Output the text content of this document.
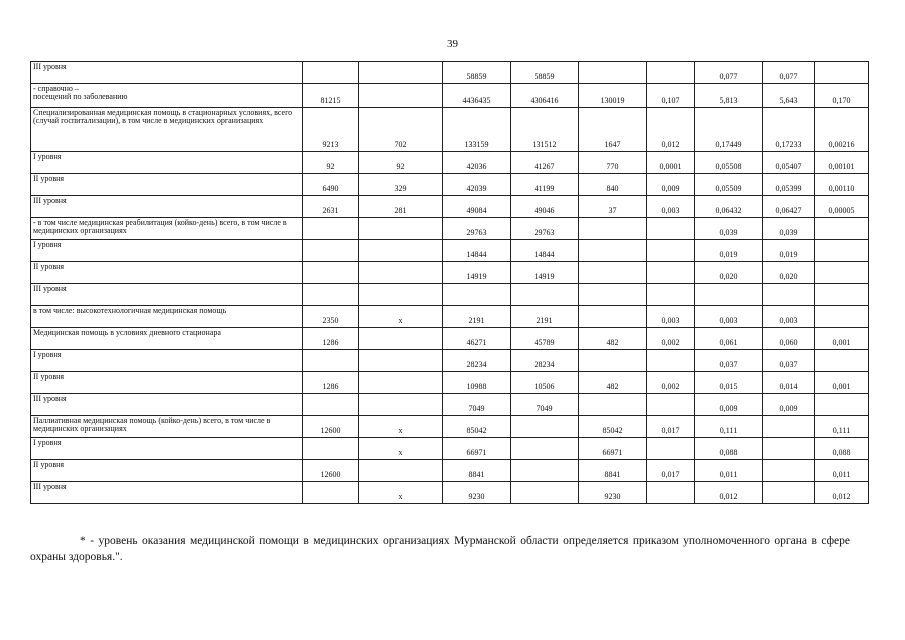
39
III уровня			58859	58859			0,077	0,077	
- справочно –
посещений по заболеванию	81215		4436435	4306416	130019	0,107	5,813	5,643	0,170
Специализированная медицинская помощь в стационарных условиях, всего
(случай госпитализации), в том числе в медицинских организациях	9213	702	133159	131512	1647	0,012	0,17449	0,17233	0,00216
I уровня	92	92	42036	41267	770	0,0001	0,05508	0,05407	0,00101
II уровня	6490	329	42039	41199	840	0,009	0,05509	0,05399	0,00110
III уровня	2631	281	49084	49046	37	0,003	0,06432	0,06427	0,00005
- в том числе медицинская реабилитация (койко-день) всего, в том числе в медицинских организациях			29763	29763			0,039	0,039	
I уровня			14844	14844			0,019	0,019	
II уровня			14919	14919			0,020	0,020	
III уровня									
в том числе: высокотехнологичная медицинская помощь	2350	х	2191	2191		0,003	0,003	0,003	
Медицинская помощь в условиях дневного стационара	1286		46271	45789	482	0,002	0,061	0,060	0,001
I уровня			28234	28234			0,037	0,037	
II уровня	1286		10988	10506	482	0,002	0,015	0,014	0,001
III уровня			7049	7049			0,009	0,009	
Паллиативная медицинская помощь (койко-день) всего, в том числе в медицинских организациях	12600	х	85042		85042	0,017	0,111		0,111
I уровня		х	66971		66971		0,088		0,088
II уровня	12600		8841		8841	0,017	0,011		0,011
III уровня		х	9230		9230		0,012		0,012

* - уровень оказания медицинской помощи в медицинских организациях Мурманской области определяется приказом уполномоченного органа в сфере охраны здоровья.".
